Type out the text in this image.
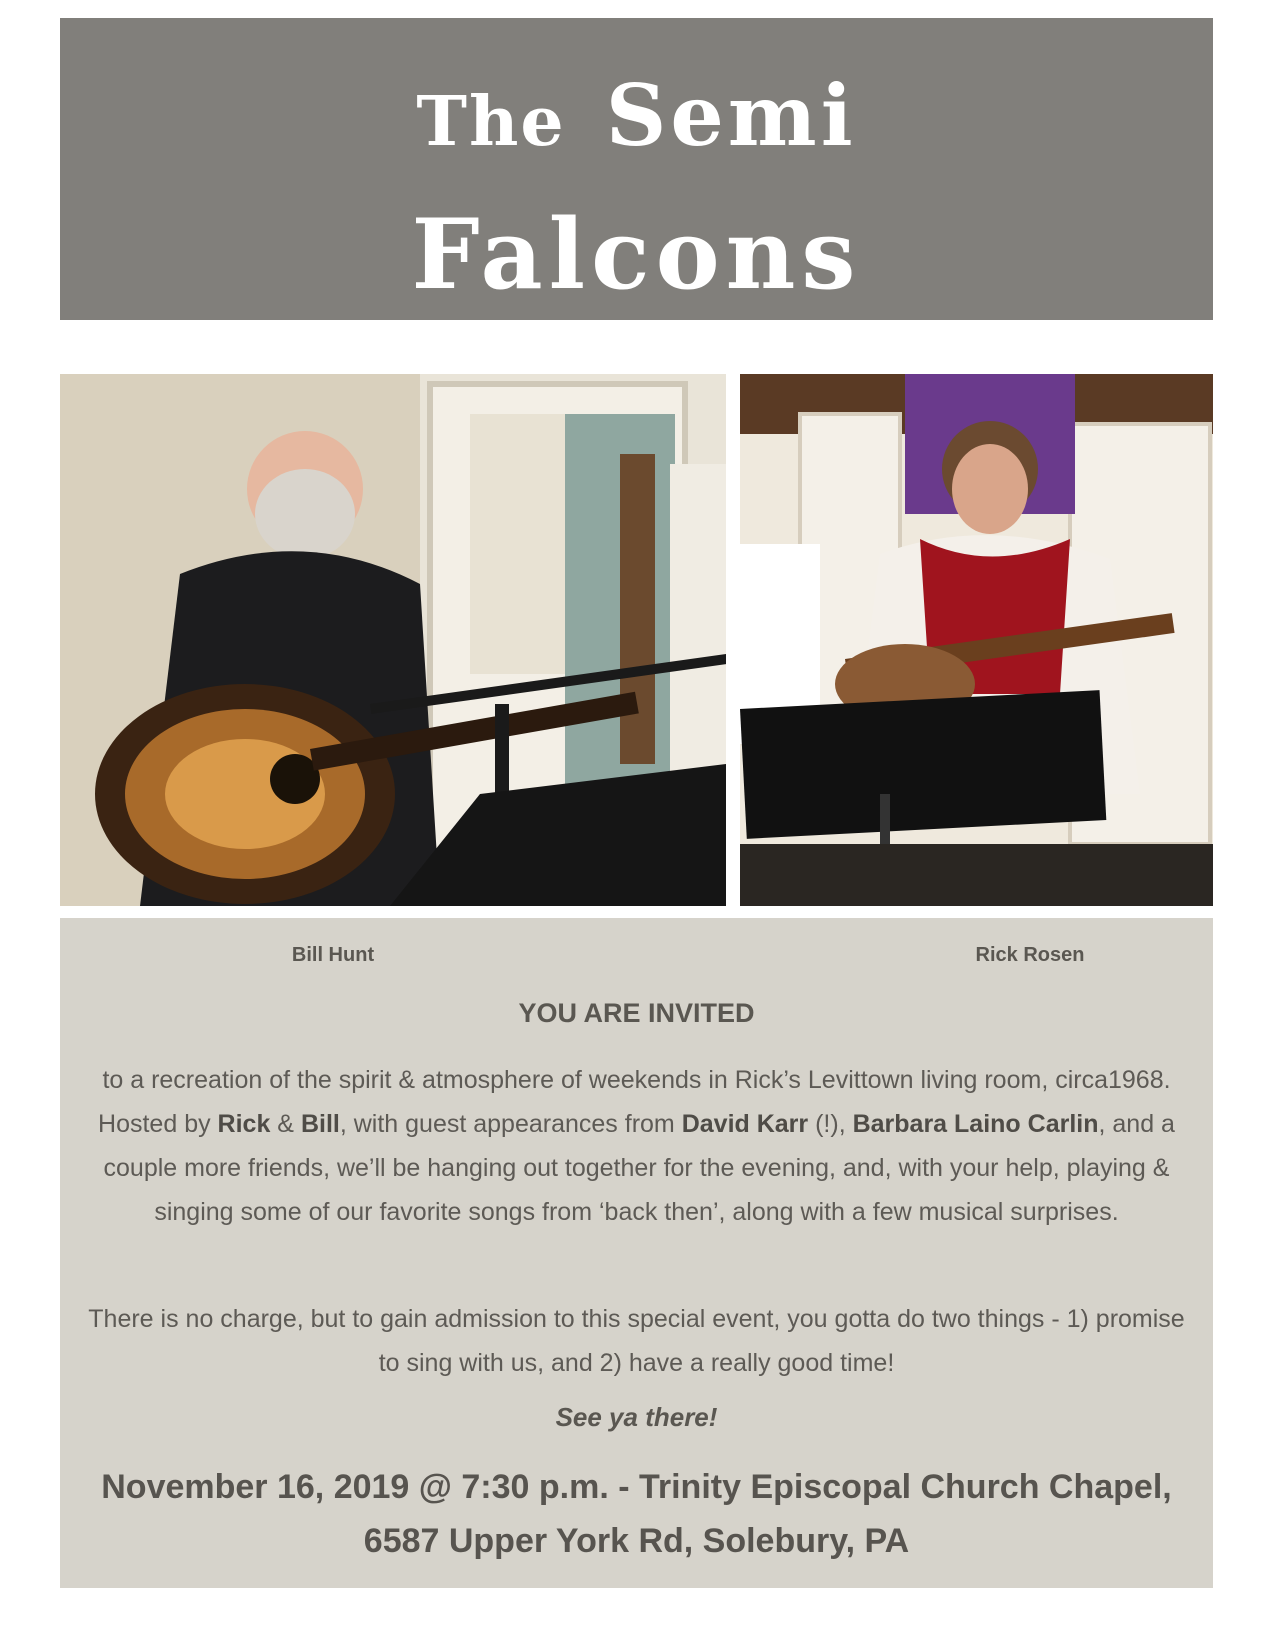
The Semi
Falcons
Bill Hunt	Rick Rosen
YOU ARE INVITED
to a recreation of the spirit & atmosphere of weekends in Rick’s Levittown living room, circa1968. Hosted by Rick & Bill, with guest appearances from David Karr (!), Barbara Laino Carlin, and a couple more friends, we’ll be hanging out together for the evening, and, with your help, playing & singing some of our favorite songs from ‘back then’, along with a few musical surprises.
There is no charge, but to gain admission to this special event, you gotta do two things - 1) promise to sing with us, and 2) have a really good time!
See ya there!
November 16, 2019 @ 7:30 p.m. - Trinity Episcopal Church Chapel,
6587 Upper York Rd, Solebury, PA
